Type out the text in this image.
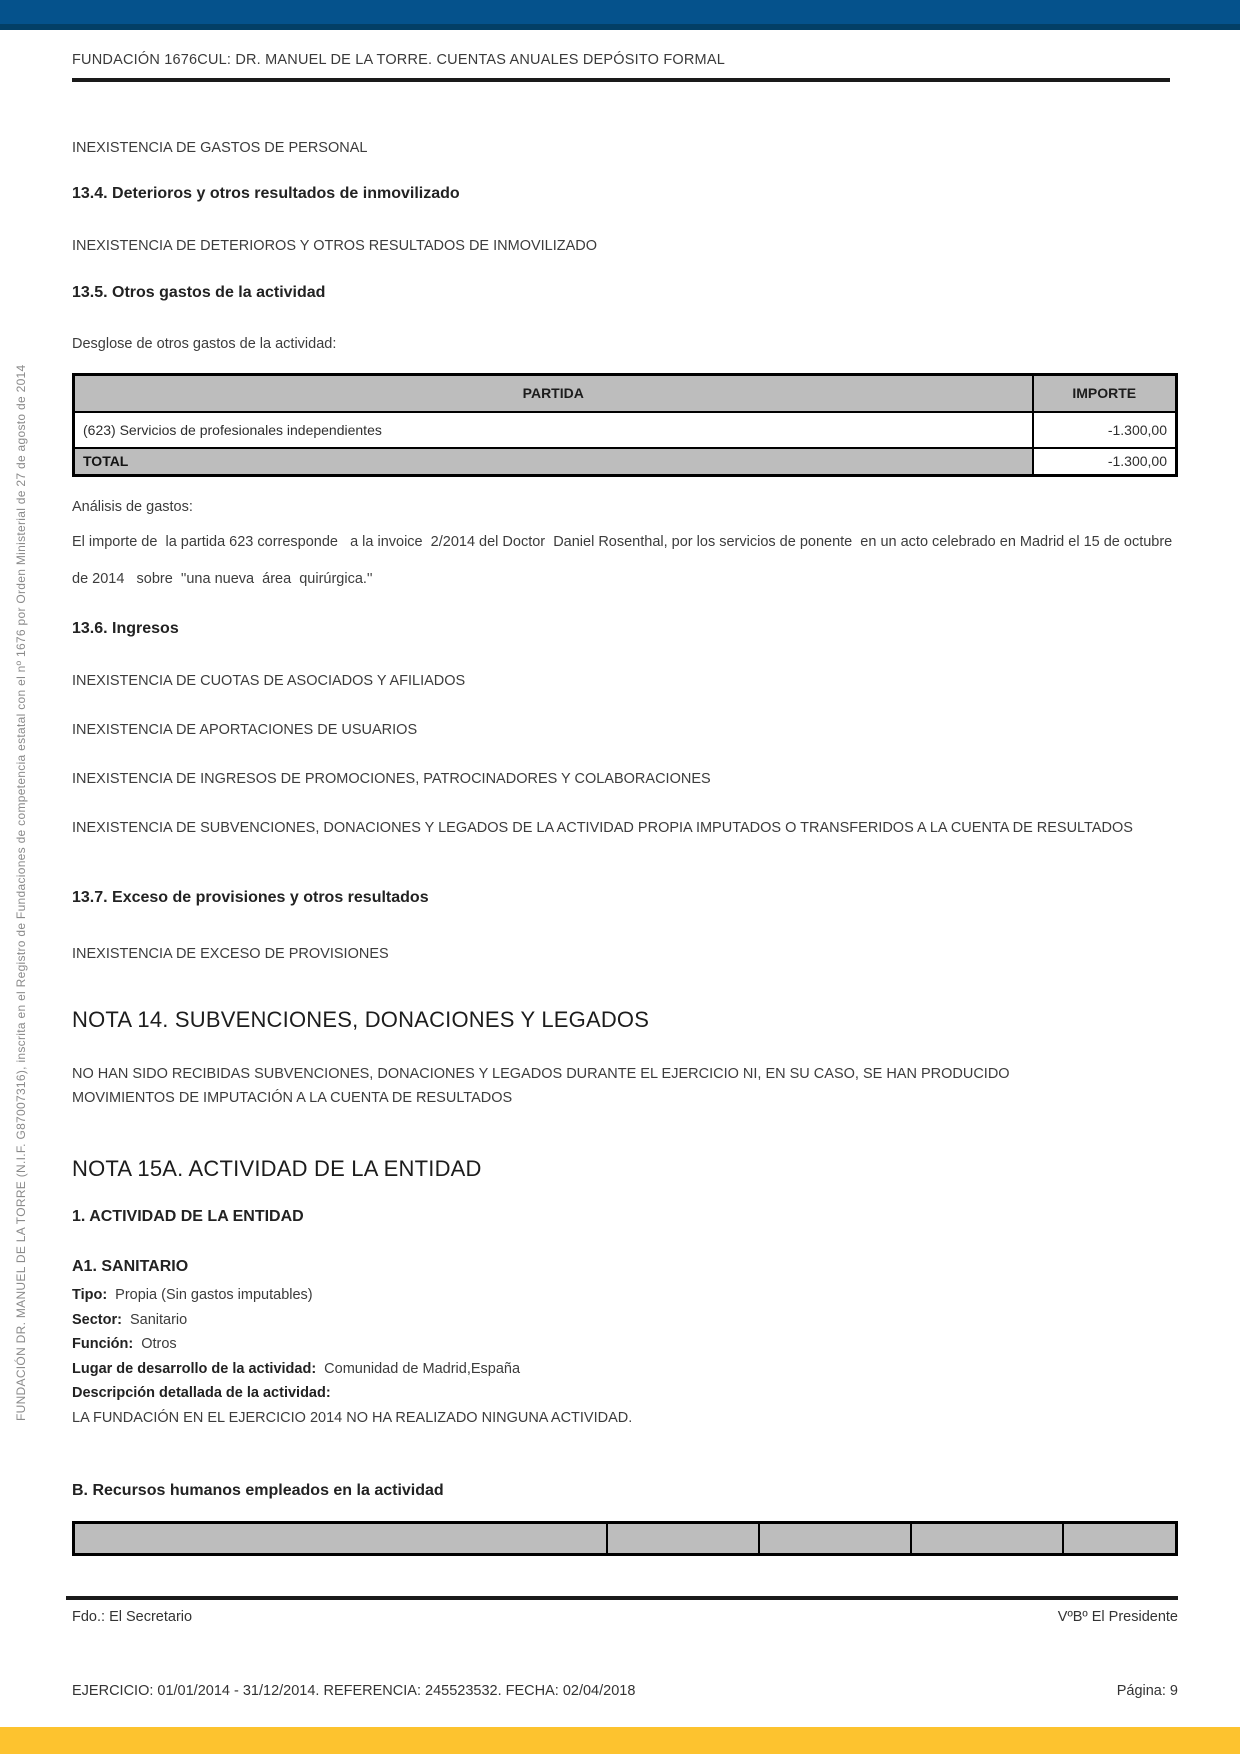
FUNDACIÓN DR. MANUEL DE LA TORRE (N.I.F. G87007316), inscrita en el Registro de Fundaciones de competencia estatal con el nº 1676 por Orden Ministerial de 27 de agosto de 2014
FUNDACIÓN 1676CUL: DR. MANUEL DE LA TORRE. CUENTAS ANUALES DEPÓSITO FORMAL
INEXISTENCIA DE GASTOS DE PERSONAL
13.4. Deterioros y otros resultados de inmovilizado
INEXISTENCIA DE DETERIOROS Y OTROS RESULTADOS DE INMOVILIZADO
13.5. Otros gastos de la actividad
Desglose de otros gastos de la actividad:
PARTIDA	IMPORTE
(623) Servicios de profesionales independientes	-1.300,00
TOTAL	-1.300,00
Análisis de gastos:
El importe de  la partida 623 corresponde   a la invoice  2/2014 del Doctor  Daniel Rosenthal, por los servicios de ponente  en un acto celebrado en Madrid el 15 de octubre de 2014   sobre  ''una nueva  área  quirúrgica.''
13.6. Ingresos
INEXISTENCIA DE CUOTAS DE ASOCIADOS Y AFILIADOS
INEXISTENCIA DE APORTACIONES DE USUARIOS
INEXISTENCIA DE INGRESOS DE PROMOCIONES, PATROCINADORES Y COLABORACIONES
INEXISTENCIA DE SUBVENCIONES, DONACIONES Y LEGADOS DE LA ACTIVIDAD PROPIA IMPUTADOS O TRANSFERIDOS A LA CUENTA DE RESULTADOS
13.7. Exceso de provisiones y otros resultados
INEXISTENCIA DE EXCESO DE PROVISIONES
NOTA 14. SUBVENCIONES, DONACIONES Y LEGADOS
NO HAN SIDO RECIBIDAS SUBVENCIONES, DONACIONES Y LEGADOS DURANTE EL EJERCICIO NI, EN SU CASO, SE HAN PRODUCIDO MOVIMIENTOS DE IMPUTACIÓN A LA CUENTA DE RESULTADOS
NOTA 15A. ACTIVIDAD DE LA ENTIDAD
1. ACTIVIDAD DE LA ENTIDAD
A1. SANITARIO
Tipo: Propia (Sin gastos imputables)
Sector: Sanitario
Función: Otros
Lugar de desarrollo de la actividad: Comunidad de Madrid,España
Descripción detallada de la actividad:
LA FUNDACIÓN EN EL EJERCICIO 2014 NO HA REALIZADO NINGUNA ACTIVIDAD.
B. Recursos humanos empleados en la actividad

Fdo.: El Secretario	VºBº El Presidente
EJERCICIO: 01/01/2014 - 31/12/2014. REFERENCIA: 245523532. FECHA: 02/04/2018	Página: 9
